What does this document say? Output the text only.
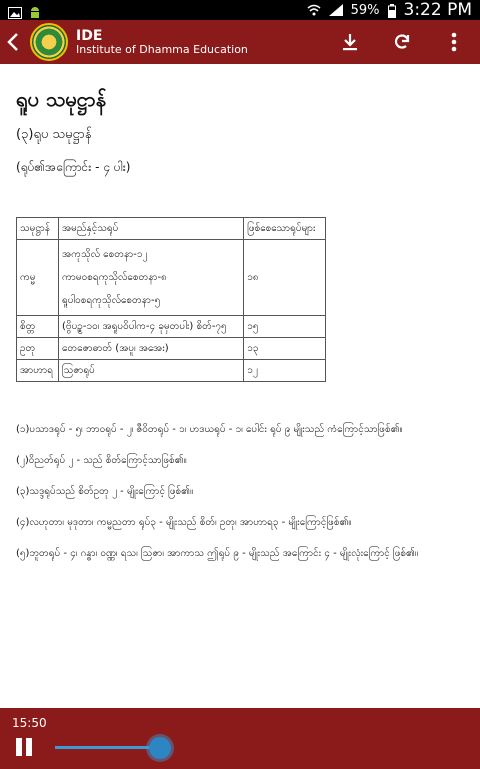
59% 3:22 PM
IDE
Institute of Dhamma Education
ရူပ သမုဋ္ဌာန်
(၃)ရုပ သမုဋ္ဌာန်
(ရုပ်၏အကြောင်း - ၄ ပါး)
သမုဋ္ဌာန်	အမည်နှင့်သရုပ်	ဖြစ်စေသောရုပ်များ
ကမ္မ	အကုသိုလ် စေတနာ-၁၂
ကာမဝစရကုသိုလ်စေတနာ-၈
ရူပါဝစရကုသိုလ်စေတနာ-၅	၁၈
စိတ္တ	(ဗွိပဉ္စ-၁၀၊ အရူပဝိပါက-၄ ခုမှတပါး) စိတ်-၇၅	၁၅
ဥတု	တေဇောဓာတ် (အပူ၊ အအေး)	၁၃
အာဟာရ	ဩဇာရုပ်	၁၂

(၁)ပသာဒရုပ် - ၅၊ ဘာဝရုပ် - ၂၊ ဇီဝိတရုပ် - ၁၊ ဟဒယရုပ် - ၁၊ ပေါင်း ရုပ် ၉ မျိုးသည် ကံကြောင့်သာဖြစ်၏။

(၂)ဝိညတ်ရုပ် ၂ - သည် စိတ်ကြောင့်သာဖြစ်၏။

(၃)သဒ္ဒရုပ်သည် စိတ်ဥတု ၂ - မျိုးကြောင့် ဖြစ်၏။

(၄)လဟုတာ၊ မုဒုတာ၊ ကမ္မညတာ ရုပ်၃ - မျိုးသည် စိတ်၊ ဥတု၊ အာဟာရ၃ - မျိုးကြောင့်ဖြစ်၏။

(၅)ဘူတရုပ် - ၄၊ ဂန္ဓာ၊ ဝဏ္ဏ၊ ရသ၊ ဩဇာ၊ အာကာသ ဤရုပ် ၉ - မျိုးသည် အကြောင်း ၄ - မျိုးလုံးကြောင့် ဖြစ်၏။

15:50
